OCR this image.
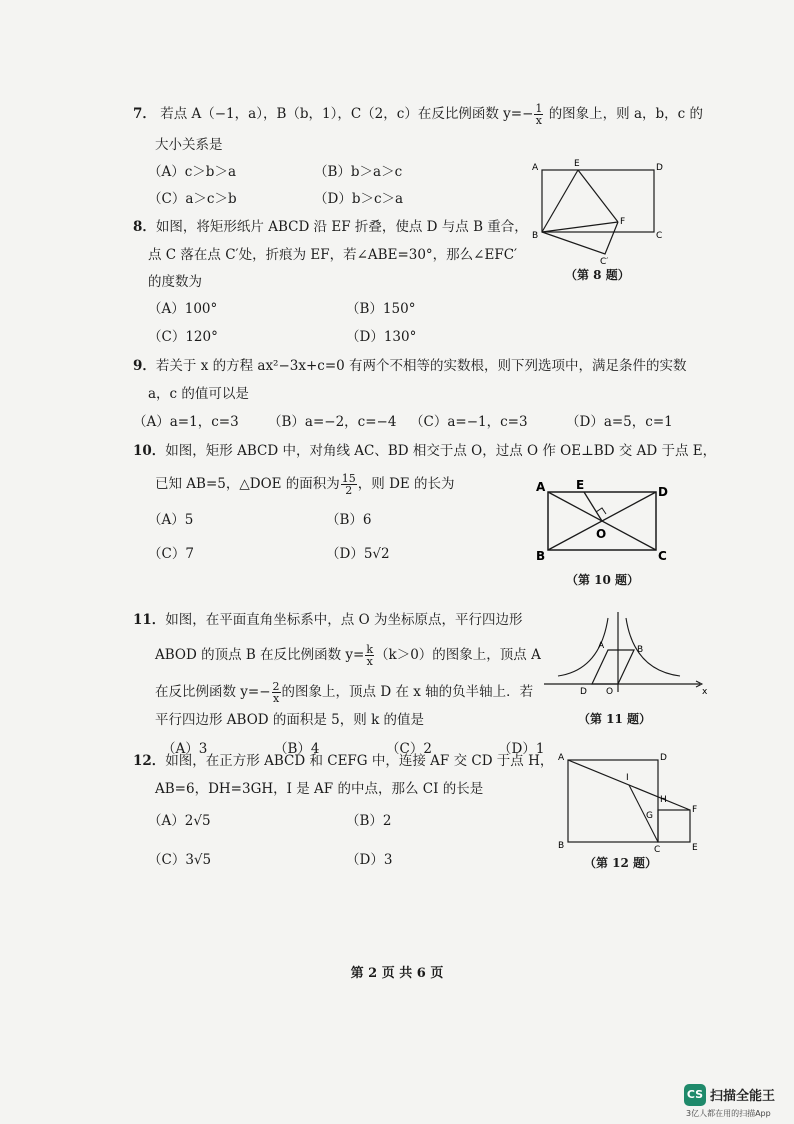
7． 若点 A（−1，a），B（b，1），C（2，c）在反比例函数 $y=- \frac{1}{x}$ 的图象上，则 a，b，c 的
大小关系是
（A）c＞b＞a	（B）b＞a＞c
（C）a＞c＞b	（D）b＞c＞a
8．如图，将矩形纸片 ABCD 沿 EF 折叠，使点 D 与点 B 重合，
点 C 落在点 C′处，折痕为 EF，若∠ABE=30°，那么∠EFC′
的度数为
（A）100°	（B）150°
（C）120°	（D）130°
A	E	D
F
B	C
C′
（第 8 题）
9．若关于 x 的方程 ax²−3x+c=0 有两个不相等的实数根，则下列选项中，满足条件的实数
a，c 的值可以是
（A）a=1，c=3 （B）a=−2，c=−4 （C）a=−1，c=3	（D）a=5，c=1
10．如图，矩形 ABCD 中，对角线 AC、BD 相交于点 O，过点 O 作 OE⊥BD 交 AD 于点 E，
已知 AB=5，△DOE 的面积为 $\frac{15}{2}$ ，则 DE 的长为
（A）5	（B）6
（C）7	（D）5√2
A	E	D
O
B	C
（第 10 题）
11．如图，在平面直角坐标系中，点 O 为坐标原点，平行四边形
ABOD 的顶点 B 在反比例函数 $y= \frac{k}{x} (k>0)$的图象上，顶点 A
在反比例函数 $y=- \frac{2}{x}$ 的图象上，顶点 D 在 x 轴的负半轴上．若
平行四边形 ABOD 的面积是 5，则 k 的值是
（A）3	（B）4	（C）2	（D）1
A	B
D O	x
（第 11 题）
12．如图，在正方形 ABCD 和 CEFG 中，连接 AF 交 CD 于点 H，
AB=6，DH=3GH，I 是 AF 的中点，那么 CI 的长是
（A）2√5	（B）2
（C）3√5	（D）3
A	D
I
H
G
F
B	C	E
（第 12 题）
第 2 页 共 6 页
CS 扫描全能王
3亿人都在用的扫描App
